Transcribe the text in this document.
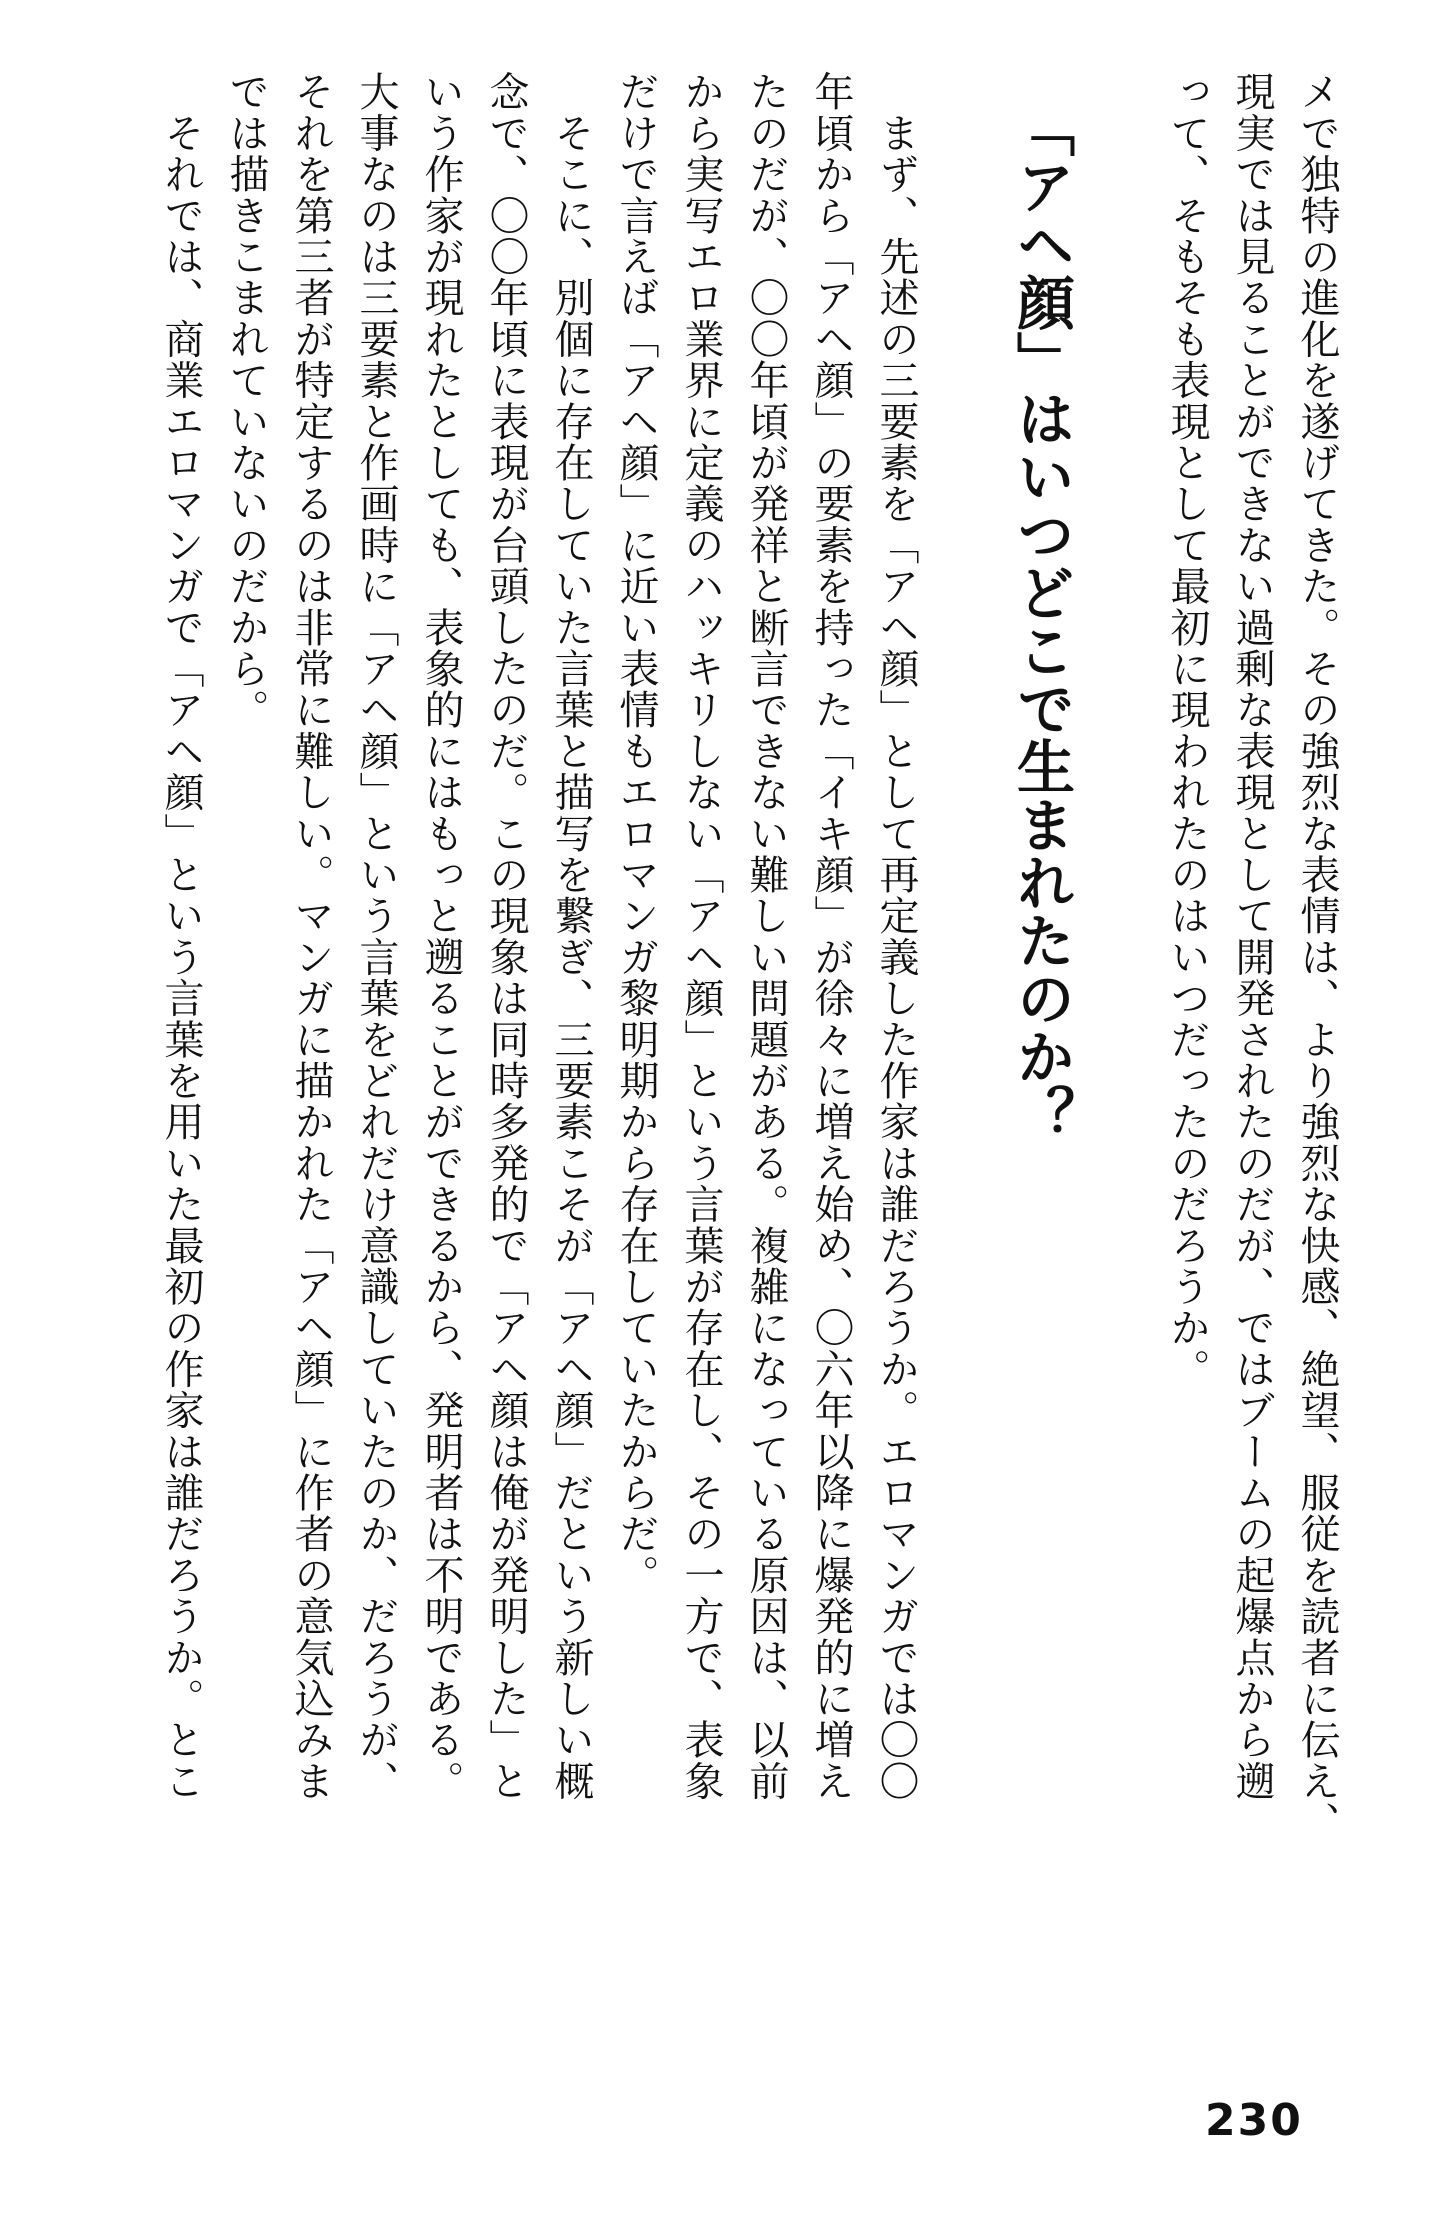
メで独特の進化を遂げてきた。その強烈な表情は、より強烈な快感、絶望、服従を読者に伝え、
現実では見ることができない過剰な表現として開発されたのだが、ではブームの起爆点から遡
って、そもそも表現として最初に現われたのはいつだったのだろうか。
「アヘ顔」はいつどこで生まれたのか？
　まず、先述の三要素を「アヘ顔」として再定義した作家は誰だろうか。エロマンガでは〇〇
年頃から「アヘ顔」の要素を持った「イキ顔」が徐々に増え始め、〇六年以降に爆発的に増え
たのだが、〇〇年頃が発祥と断言できない難しい問題がある。複雑になっている原因は、以前
から実写エロ業界に定義のハッキリしない「アヘ顔」という言葉が存在し、その一方で、表象
だけで言えば「アヘ顔」に近い表情もエロマンガ黎明期から存在していたからだ。
　そこに、別個に存在していた言葉と描写を繋ぎ、三要素こそが「アヘ顔」だという新しい概
念で、〇〇年頃に表現が台頭したのだ。この現象は同時多発的で「アヘ顔は俺が発明した」と
いう作家が現れたとしても、表象的にはもっと遡ることができるから、発明者は不明である。
大事なのは三要素と作画時に「アヘ顔」という言葉をどれだけ意識していたのか、だろうが、
それを第三者が特定するのは非常に難しい。マンガに描かれた「アヘ顔」に作者の意気込みま
では描きこまれていないのだから。
　それでは、商業エロマンガで「アヘ顔」という言葉を用いた最初の作家は誰だろうか。とこ
230
